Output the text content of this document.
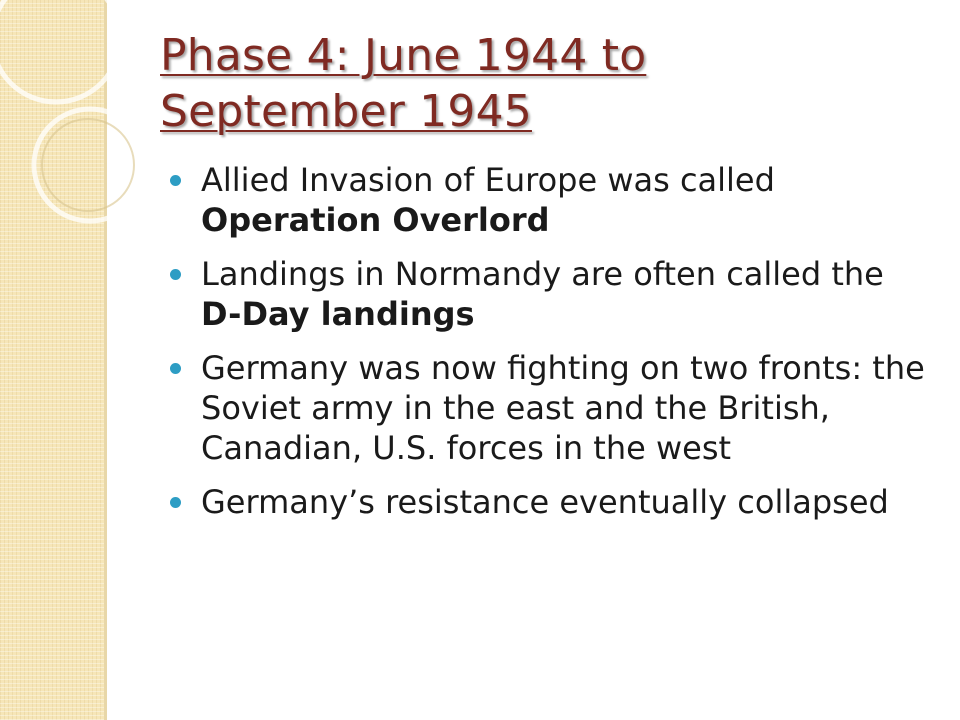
Phase 4: June 1944 to September 1945
Allied Invasion of Europe was called Operation Overlord
Landings in Normandy are often called the D-Day landings
Germany was now fighting on two fronts: the Soviet army in the east and the British, Canadian, U.S. forces in the west
Germany’s resistance eventually collapsed
